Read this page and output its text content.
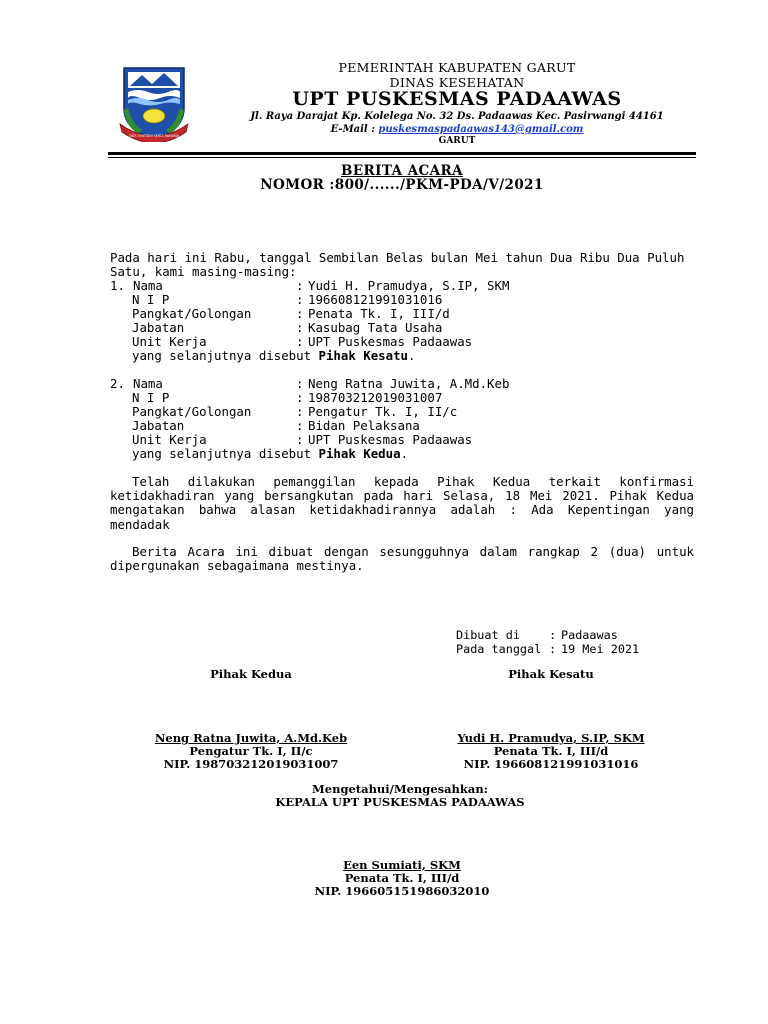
TATA TENTREM KERTA RAHARJA
PEMERINTAH KABUPATEN GARUT
DINAS KESEHATAN
UPT PUSKESMAS PADAAWAS
Jl. Raya Darajat Kp. Kolelega No. 32 Ds. Padaawas Kec. Pasirwangi 44161
E-Mail : puskesmaspadaawas143@gmail.com
GARUT
BERITA ACARA
NOMOR :800/....../PKM-PDA/V/2021
Pada hari ini Rabu, tanggal Sembilan Belas bulan Mei tahun Dua Ribu Dua Puluh
Satu, kami masing-masing:
1. Nama	: Yudi H. Pramudya, S.IP, SKM
N I P	: 196608121991031016
Pangkat/Golongan	: Penata Tk. I, III/d
Jabatan	: Kasubag Tata Usaha
Unit Kerja	: UPT Puskesmas Padaawas
yang selanjutnya disebut Pihak Kesatu.
2. Nama	: Neng Ratna Juwita, A.Md.Keb
N I P	: 198703212019031007
Pangkat/Golongan	: Pengatur Tk. I, II/c
Jabatan	: Bidan Pelaksana
Unit Kerja	: UPT Puskesmas Padaawas
yang selanjutnya disebut Pihak Kedua.
Telah dilakukan pemanggilan kepada Pihak Kedua terkait konfirmasi ketidakhadiran yang bersangkutan pada hari Selasa, 18 Mei 2021. Pihak Kedua mengatakan bahwa alasan ketidakhadirannya adalah : Ada Kepentingan yang mendadak
Berita Acara ini dibuat dengan sesungguhnya dalam rangkap 2 (dua) untuk dipergunakan sebagaimana mestinya.
Dibuat di : Padaawas
Pada tanggal : 19 Mei 2021
Pihak Kedua	Pihak Kesatu
Neng Ratna Juwita, A.Md.Keb
Pengatur Tk. I, II/c
NIP. 198703212019031007
Yudi H. Pramudya, S.IP, SKM
Penata Tk. I, III/d
NIP. 196608121991031016
Mengetahui/Mengesahkan:
KEPALA UPT PUSKESMAS PADAAWAS
Een Sumiati, SKM
Penata Tk. I, III/d
NIP. 196605151986032010
